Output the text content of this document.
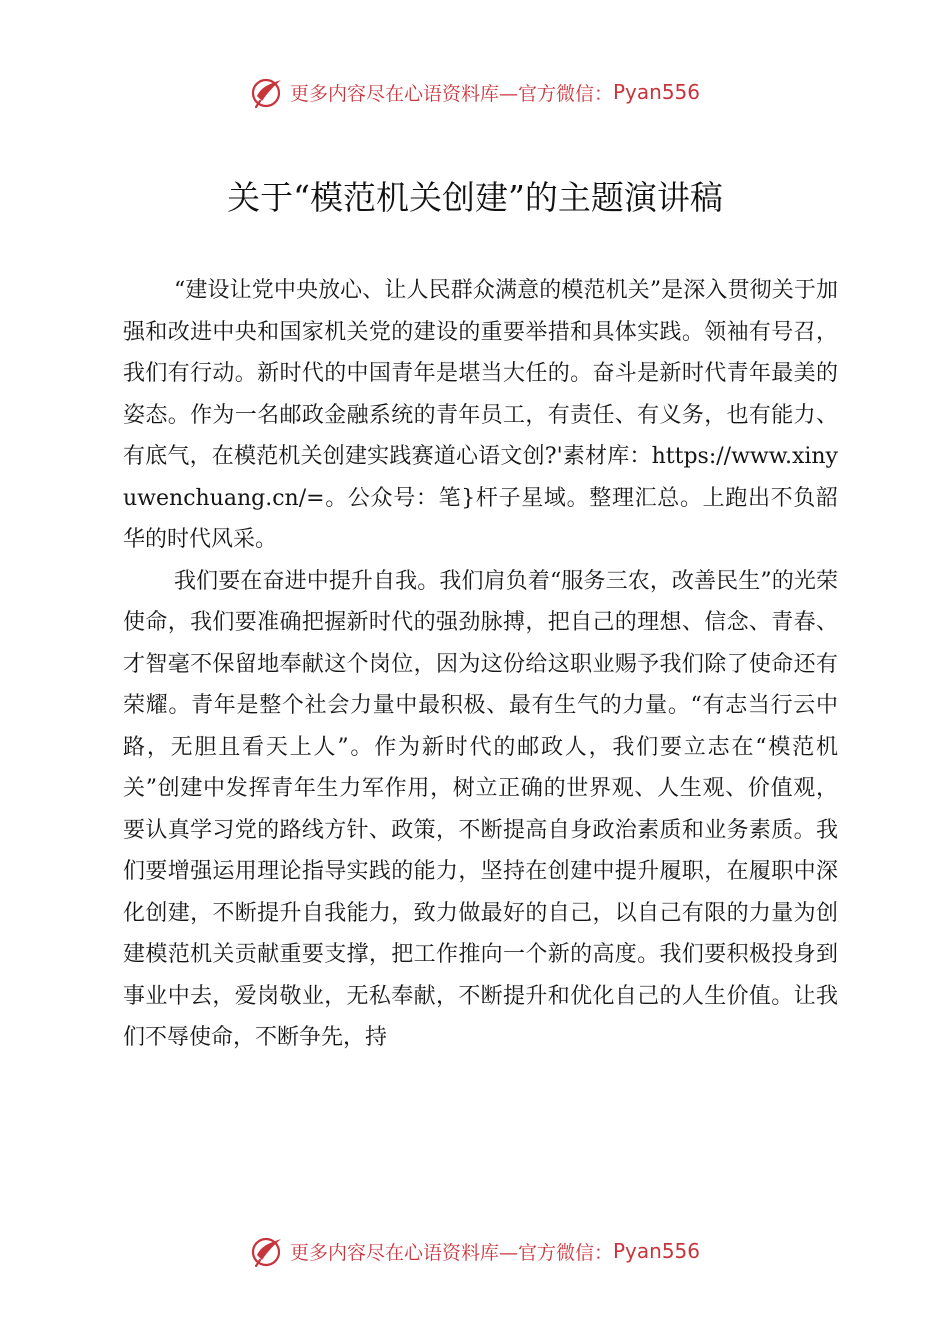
更多内容尽在心语资料库—官方微信： Pyan556
关于“模范机关创建”的主题演讲稿

“建设让党中央放心、让人民群众满意的模范机关”是深入贯彻关于加强和改进中央和国家机关党的建设的重要举措和具体实践。领袖有号召，我们有行动。新时代的中国青年是堪当大任的。奋斗是新时代青年最美的姿态。作为一名邮政金融系统的青年员工，有责任、有义务，也有能力、有底气，在模范机关创建实践赛道心语文创?'素材库：https://www.xinyuwenchuang.cn/=。公众号：笔}杆子星域。整理汇总。上跑出不负韶华的时代风采。

我们要在奋进中提升自我。我们肩负着“服务三农，改善民生”的光荣使命，我们要准确把握新时代的强劲脉搏，把自己的理想、信念、青春、才智毫不保留地奉献这个岗位，因为这份给这职业赐予我们除了使命还有荣耀。青年是整个社会力量中最积极、最有生气的力量。“有志当行云中路，无胆且看天上人”。作为新时代的邮政人，我们要立志在“模范机关”创建中发挥青年生力军作用，树立正确的世界观、人生观、价值观，要认真学习党的路线方针、政策，不断提高自身政治素质和业务素质。我们要增强运用理论指导实践的能力，坚持在创建中提升履职，在履职中深化创建，不断提升自我能力，致力做最好的自己，以自己有限的力量为创建模范机关贡献重要支撑，把工作推向一个新的高度。我们要积极投身到事业中去，爱岗敬业，无私奉献，不断提升和优化自己的人生价值。让我们不辱使命，不断争先，持

更多内容尽在心语资料库—官方微信： Pyan556
